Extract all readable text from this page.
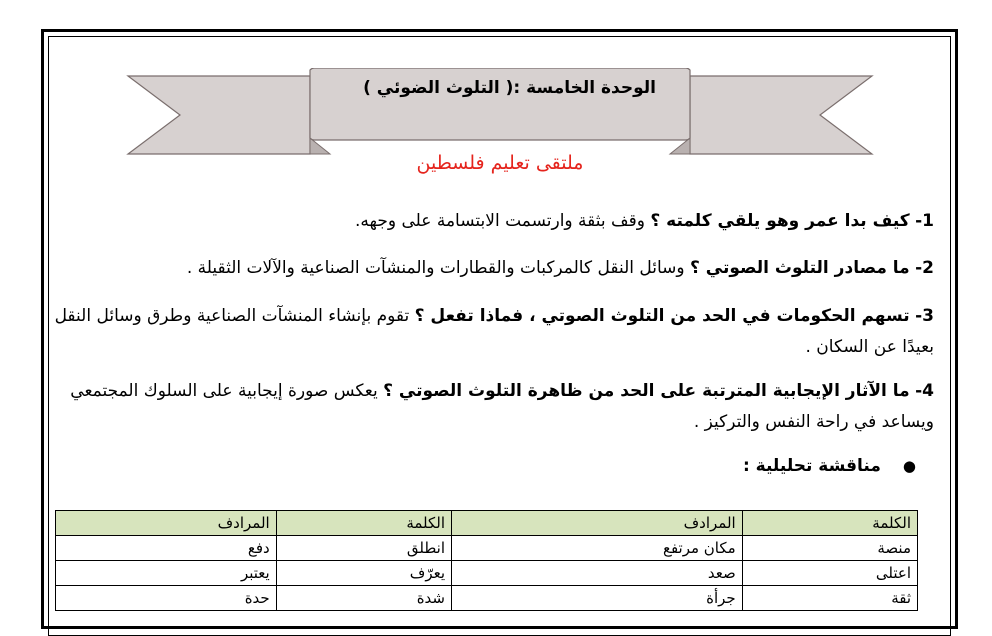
الوحدة الخامسة :( التلوث الضوئي )
ملتقى تعليم فلسطين
1- كيف بدا عمر وهو يلقي كلمته ؟ وقف بثقة وارتسمت الابتسامة على وجهه.
2- ما مصادر التلوث الصوتي ؟ وسائل النقل كالمركبات والقطارات والمنشآت الصناعية والآلات الثقيلة .
3- تسهم الحكومات في الحد من التلوث الصوتي ، فماذا تفعل ؟ تقوم بإنشاء المنشآت الصناعية وطرق وسائل النقل بعيدًا عن السكان .
4- ما الآثار الإيجابية المترتبة على الحد من ظاهرة التلوث الصوتي ؟ يعكس صورة إيجابية على السلوك المجتمعي ويساعد في راحة النفس والتركيز .
●مناقشة تحليلية :
الكلمة	المرادف	الكلمة	المرادف
منصة	مكان مرتفع	انطلق	دفع
اعتلى	صعد	يعرّف	يعتبر
ثقة	جرأة	شدة	حدة
